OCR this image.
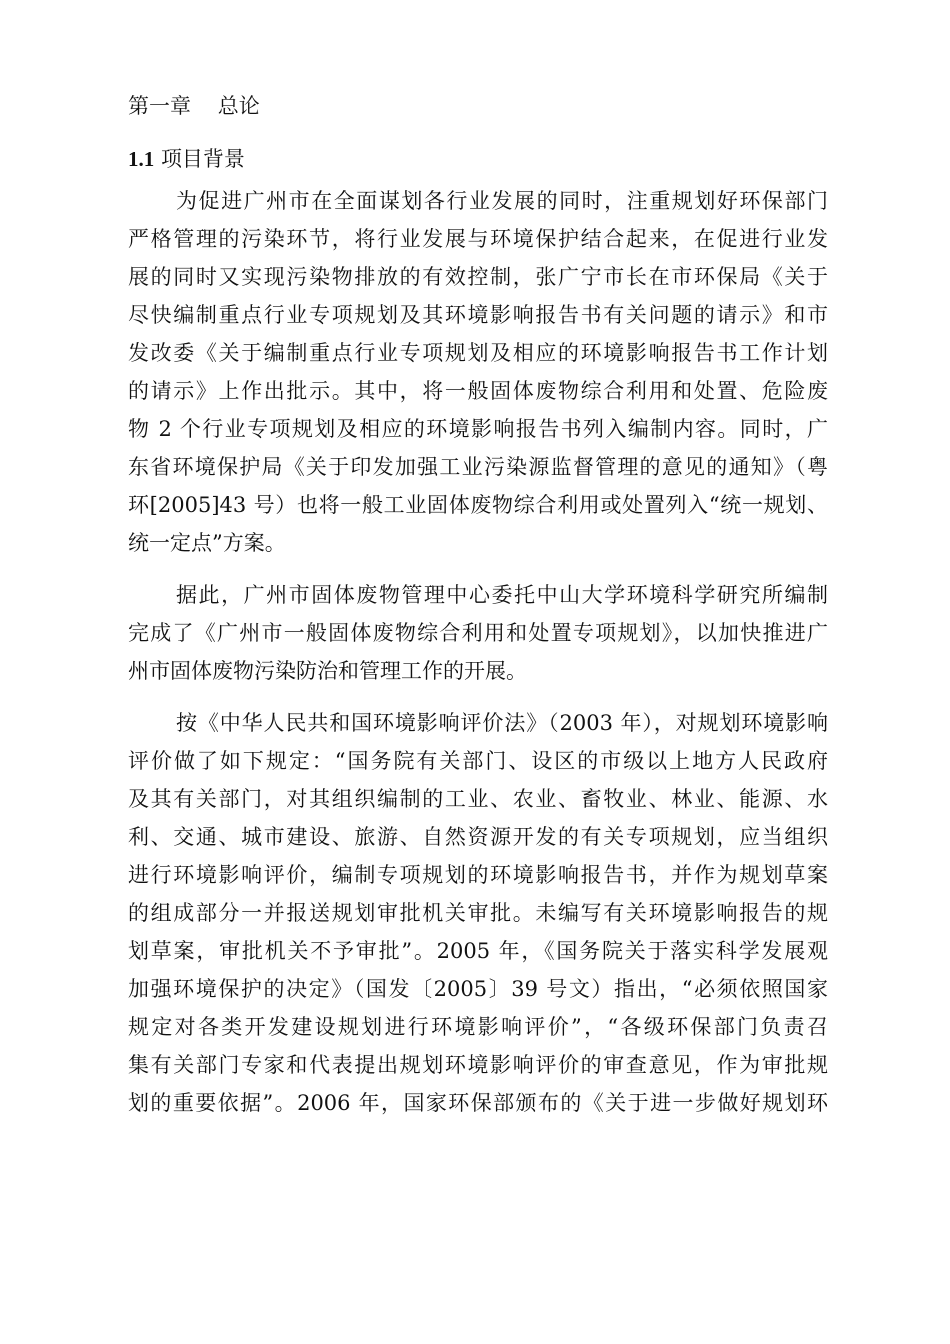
第一章 总论
1.1 项目背景
为促进广州市在全面谋划各行业发展的同时，注重规划好环保部门
严格管理的污染环节，将行业发展与环境保护结合起来，在促进行业发
展的同时又实现污染物排放的有效控制，张广宁市长在市环保局《关于
尽快编制重点行业专项规划及其环境影响报告书有关问题的请示》和市
发改委《关于编制重点行业专项规划及相应的环境影响报告书工作计划
的请示》上作出批示。其中，将一般固体废物综合利用和处置、危险废
物 2 个行业专项规划及相应的环境影响报告书列入编制内容。同时，广
东省环境保护局《关于印发加强工业污染源监督管理的意见的通知》（粤
环[2005]43 号）也将一般工业固体废物综合利用或处置列入“统一规划、
统一定点”方案。
据此，广州市固体废物管理中心委托中山大学环境科学研究所编制
完成了《广州市一般固体废物综合利用和处置专项规划》，以加快推进广
州市固体废物污染防治和管理工作的开展。
按《中华人民共和国环境影响评价法》（2003 年），对规划环境影响
评价做了如下规定：“国务院有关部门、设区的市级以上地方人民政府
及其有关部门，对其组织编制的工业、农业、畜牧业、林业、能源、水
利、交通、城市建设、旅游、自然资源开发的有关专项规划，应当组织
进行环境影响评价，编制专项规划的环境影响报告书，并作为规划草案
的组成部分一并报送规划审批机关审批。未编写有关环境影响报告的规
划草案，审批机关不予审批”。2005 年，《国务院关于落实科学发展观
加强环境保护的决定》（国发〔2005〕39 号文）指出，“必须依照国家
规定对各类开发建设规划进行环境影响评价”，“各级环保部门负责召
集有关部门专家和代表提出规划环境影响评价的审查意见，作为审批规
划的重要依据”。2006 年，国家环保部颁布的《关于进一步做好规划环
